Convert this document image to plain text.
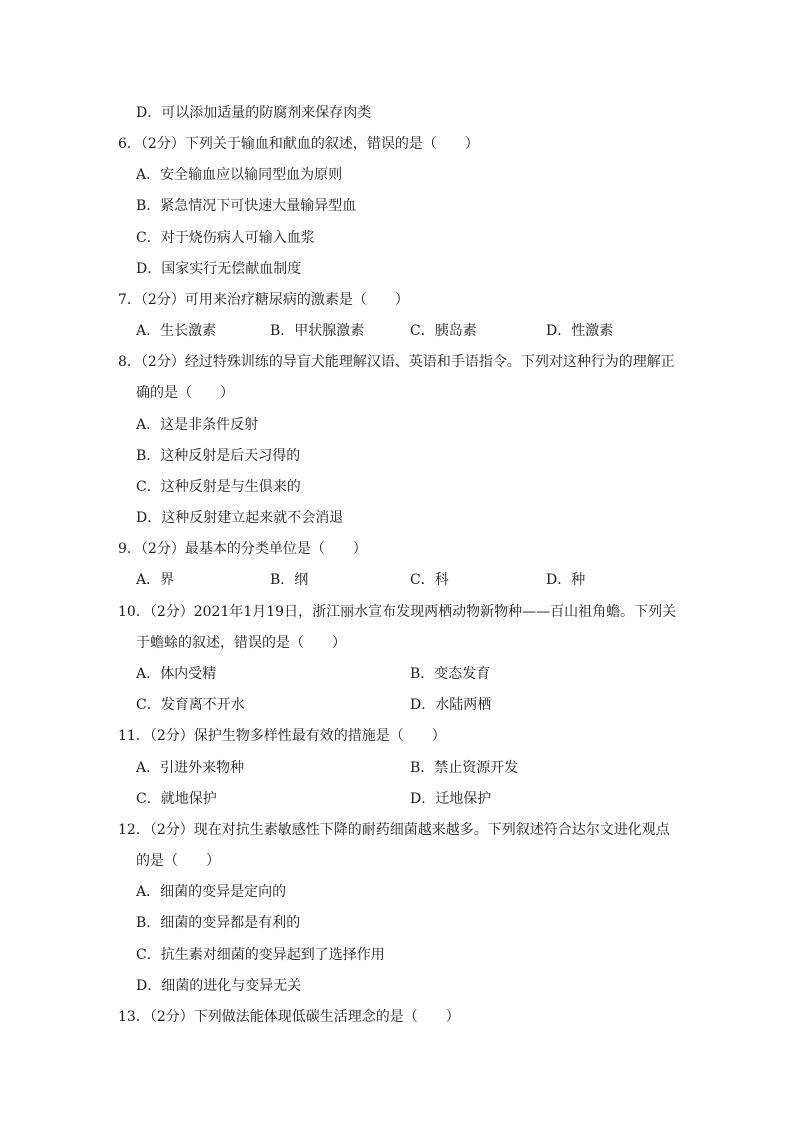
D．可以添加适量的防腐剂来保存肉类
6．（2分）下列关于输血和献血的叙述，错误的是（　　）
A．安全输血应以输同型血为原则
B．紧急情况下可快速大量输异型血
C．对于烧伤病人可输入血浆
D．国家实行无偿献血制度
7．（2分）可用来治疗糖尿病的激素是（　　）
A．生长激素	B．甲状腺激素	C．胰岛素	D．性激素
8．（2分）经过特殊训练的导盲犬能理解汉语、英语和手语指令。下列对这种行为的理解正
确的是（　　）
A．这是非条件反射
B．这种反射是后天习得的
C．这种反射是与生俱来的
D．这种反射建立起来就不会消退
9．（2分）最基本的分类单位是（　　）
A．界	B．纲	C．科	D．种
10．（2分）2021年1月19日，浙江丽水宣布发现两栖动物新物种——百山祖角蟾。下列关
于蟾蜍的叙述，错误的是（　　）
A．体内受精	B．变态发育
C．发育离不开水	D．水陆两栖
11．（2分）保护生物多样性最有效的措施是（　　）
A．引进外来物种	B．禁止资源开发
C．就地保护	D．迁地保护
12．（2分）现在对抗生素敏感性下降的耐药细菌越来越多。下列叙述符合达尔文进化观点
的是（　　）
A．细菌的变异是定向的
B．细菌的变异都是有利的
C．抗生素对细菌的变异起到了选择作用
D．细菌的进化与变异无关
13．（2分）下列做法能体现低碳生活理念的是（　　）
